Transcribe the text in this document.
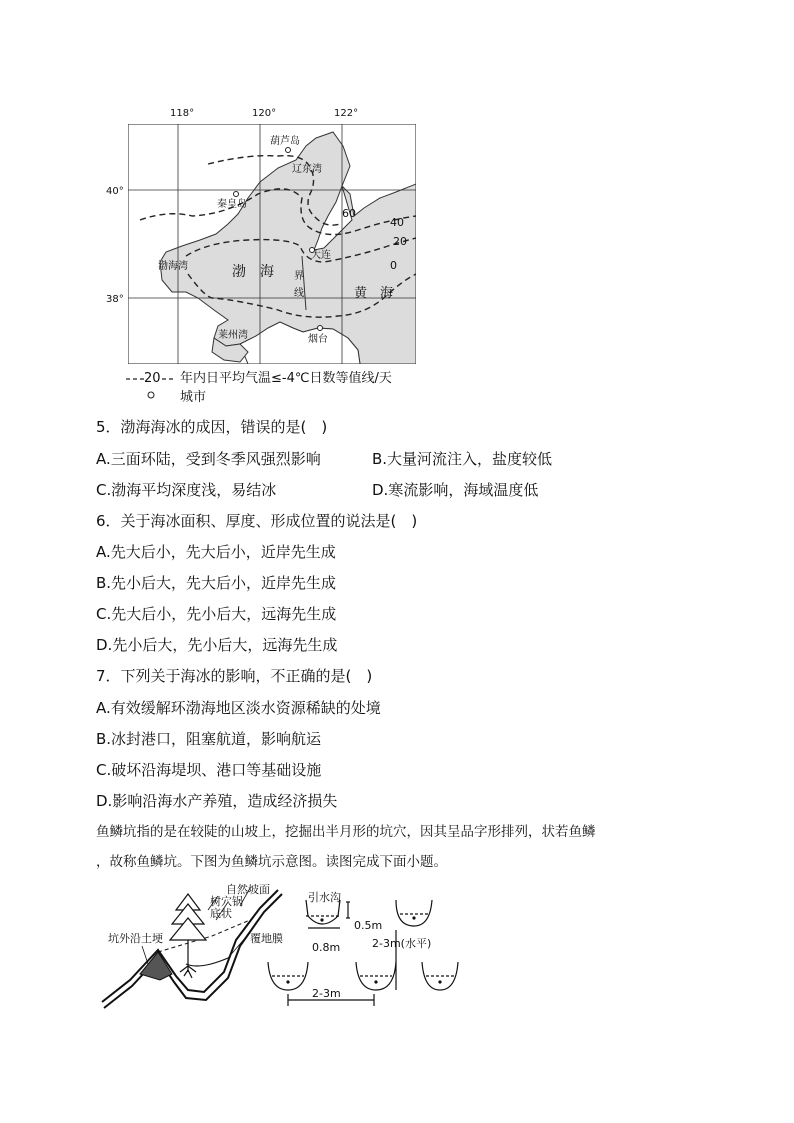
118°	120°	122°
40°
38°
葫芦岛
辽东湾
秦皇岛
渤海湾	渤　海 界
线
大连
黄　海
莱州湾	烟台
60
40
20
0
20 年内日平均气温≤-4℃日数等值线/天
城市
5．渤海海冰的成因，错误的是(　)
A.三面环陆，受到冬季风强烈影响	B.大量河流注入，盐度较低
C.渤海平均深度浅，易结冰	D.寒流影响，海域温度低
6．关于海冰面积、厚度、形成位置的说法是(　)
A.先大后小，先大后小，近岸先生成
B.先小后大，先大后小，近岸先生成
C.先大后小，先小后大，远海先生成
D.先小后大，先小后大，远海先生成
7．下列关于海冰的影响，不正确的是(　)
A.有效缓解环渤海地区淡水资源稀缺的处境
B.冰封港口，阻塞航道，影响航运
C.破坏沿海堤坝、港口等基础设施
D.影响沿海水产养殖，造成经济损失
鱼鳞坑指的是在较陡的山坡上，挖掘出半月形的坑穴，因其呈品字形排列，状若鱼鳞
，故称鱼鳞坑。下图为鱼鳞坑示意图。读图完成下面小题。
自然坡面
树穴锅
底状
坑外沿土埂	覆地膜
引水沟
0.5m
0.8m	2-3m(水平)
2-3m
